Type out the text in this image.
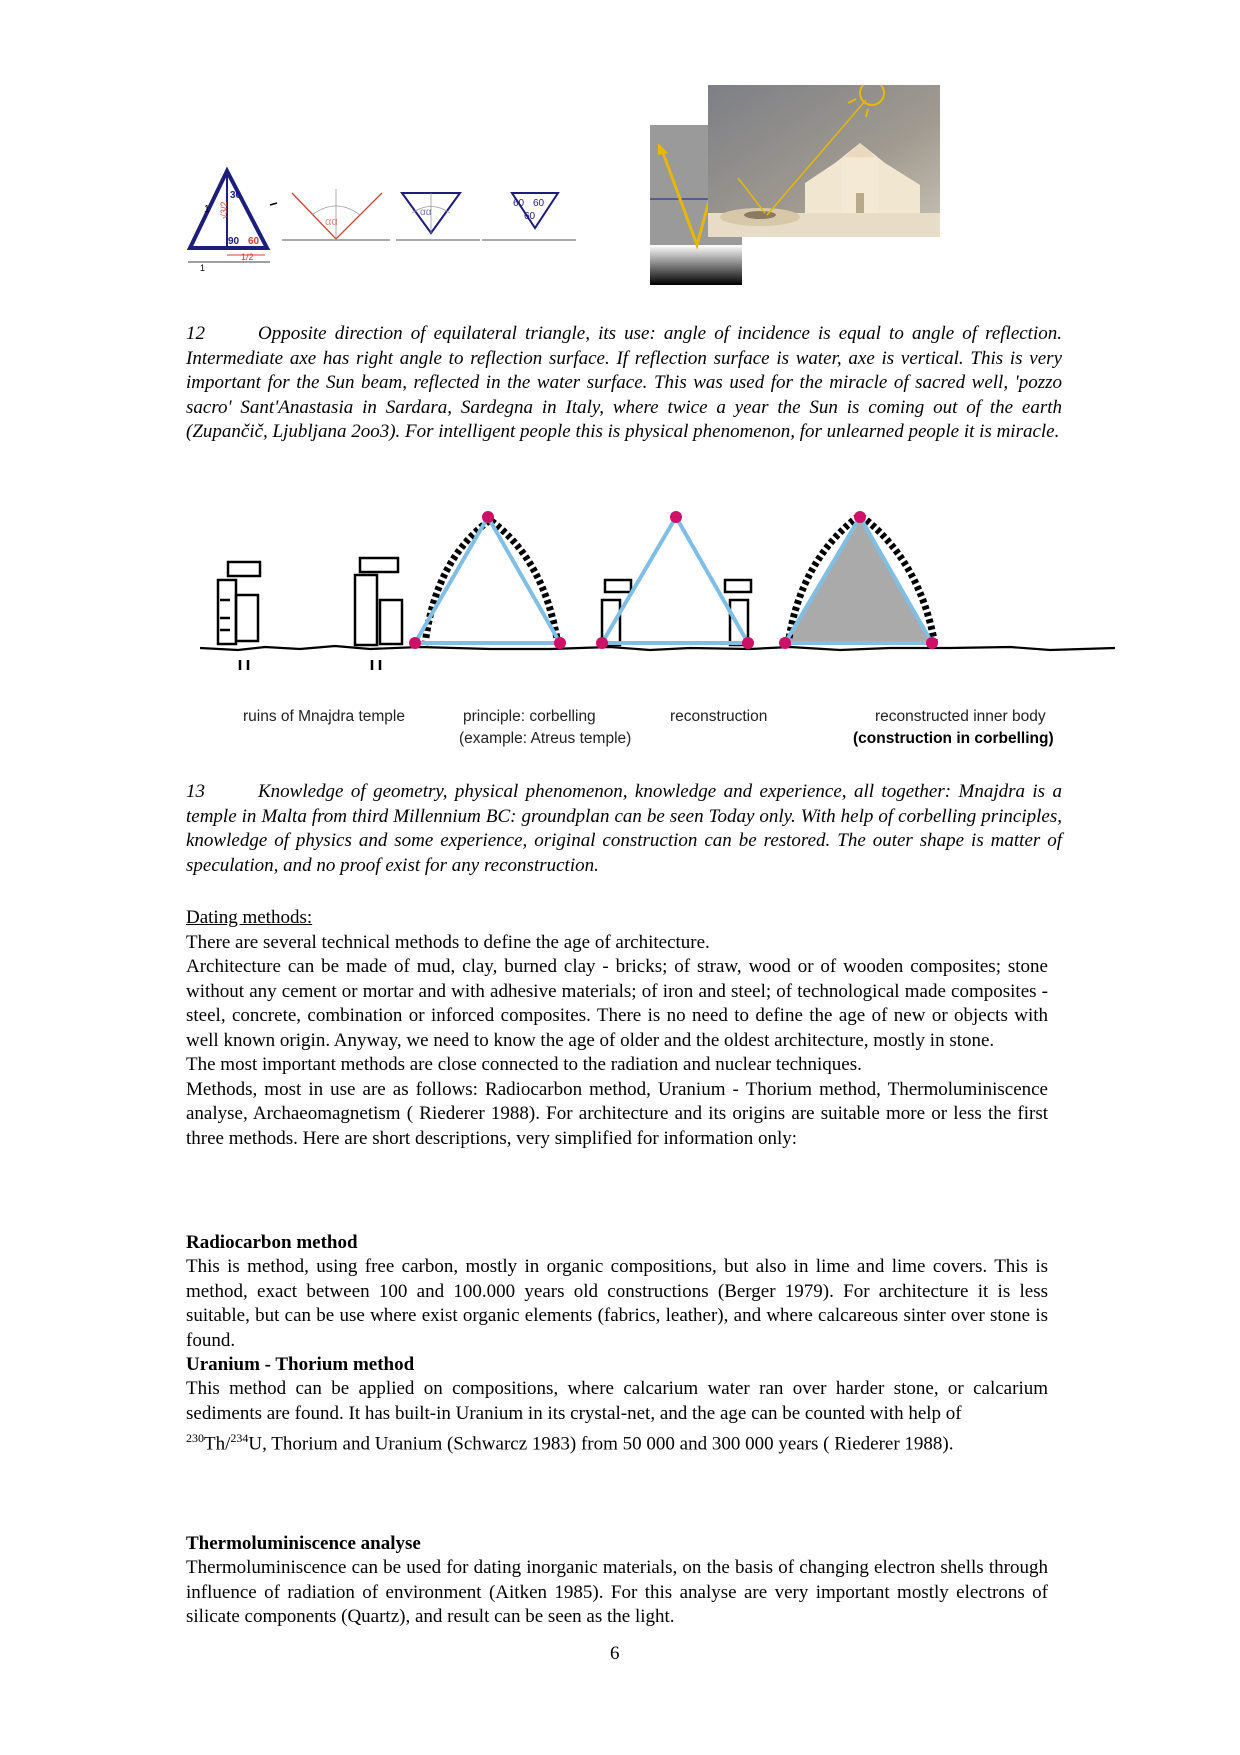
30
√3/2
90 60
1/2
1
1
αα
αα
60 60
60
12	Opposite direction of equilateral triangle, its use: angle of incidence is equal to angle of reflection. Intermediate axe has right angle to reflection surface. If reflection surface is water, axe is vertical. This is very important for the Sun beam, reflected in the water surface. This was used for the miracle of sacred well, 'pozzo sacro' Sant'Anastasia in Sardara, Sardegna in Italy, where twice a year the Sun is coming out of the earth (Zupančič, Ljubljana 2oo3). For intelligent people this is physical phenomenon, for unlearned people it is miracle.
ruins of Mnajdra temple	principle: corbelling
(example: Atreus temple)
reconstruction	reconstructed inner body
(construction in corbelling)
13	Knowledge of geometry, physical phenomenon, knowledge and experience, all together: Mnajdra is a temple in Malta from third Millennium BC: groundplan can be seen Today only. With help of corbelling principles, knowledge of physics and some experience, original construction can be restored. The outer shape is matter of speculation, and no proof exist for any reconstruction.

Dating methods:

There are several technical methods to define the age of architecture.

Architecture can be made of mud, clay, burned clay - bricks; of straw, wood or of wooden composites; stone without any cement or mortar and with adhesive materials; of iron and steel; of technological made composites - steel, concrete, combination or inforced composites. There is no need to define the age of new or objects with well known origin. Anyway, we need to know the age of older and the oldest architecture, mostly in stone.

The most important methods are close connected to the radiation and nuclear techniques.

Methods, most in use are as follows: Radiocarbon method, Uranium - Thorium method, Thermoluminiscence analyse, Archaeomagnetism ( Riederer 1988). For architecture and its origins are suitable more or less the first three methods. Here are short descriptions, very simplified for information only:

Radiocarbon method

This is method, using free carbon, mostly in organic compositions, but also in lime and lime covers. This is method, exact between 100 and 100.000 years old constructions (Berger 1979). For architecture it is less suitable, but can be use where exist organic elements (fabrics, leather), and where calcareous sinter over stone is found.

Uranium - Thorium method

This method can be applied on compositions, where calcarium water ran over harder stone, or calcarium sediments are found. It has built-in Uranium in its crystal-net, and the age can be counted with help of
$^{230}$Th/$^{234}$U, Thorium and Uranium (Schwarcz 1983) from 50 000 and 300 000 years ( Riederer 1988).

Thermoluminiscence analyse

Thermoluminiscence can be used for dating inorganic materials, on the basis of changing electron shells through influence of radiation of environment (Aitken 1985). For this analyse are very important mostly electrons of silicate components (Quartz), and result can be seen as the light.

6
